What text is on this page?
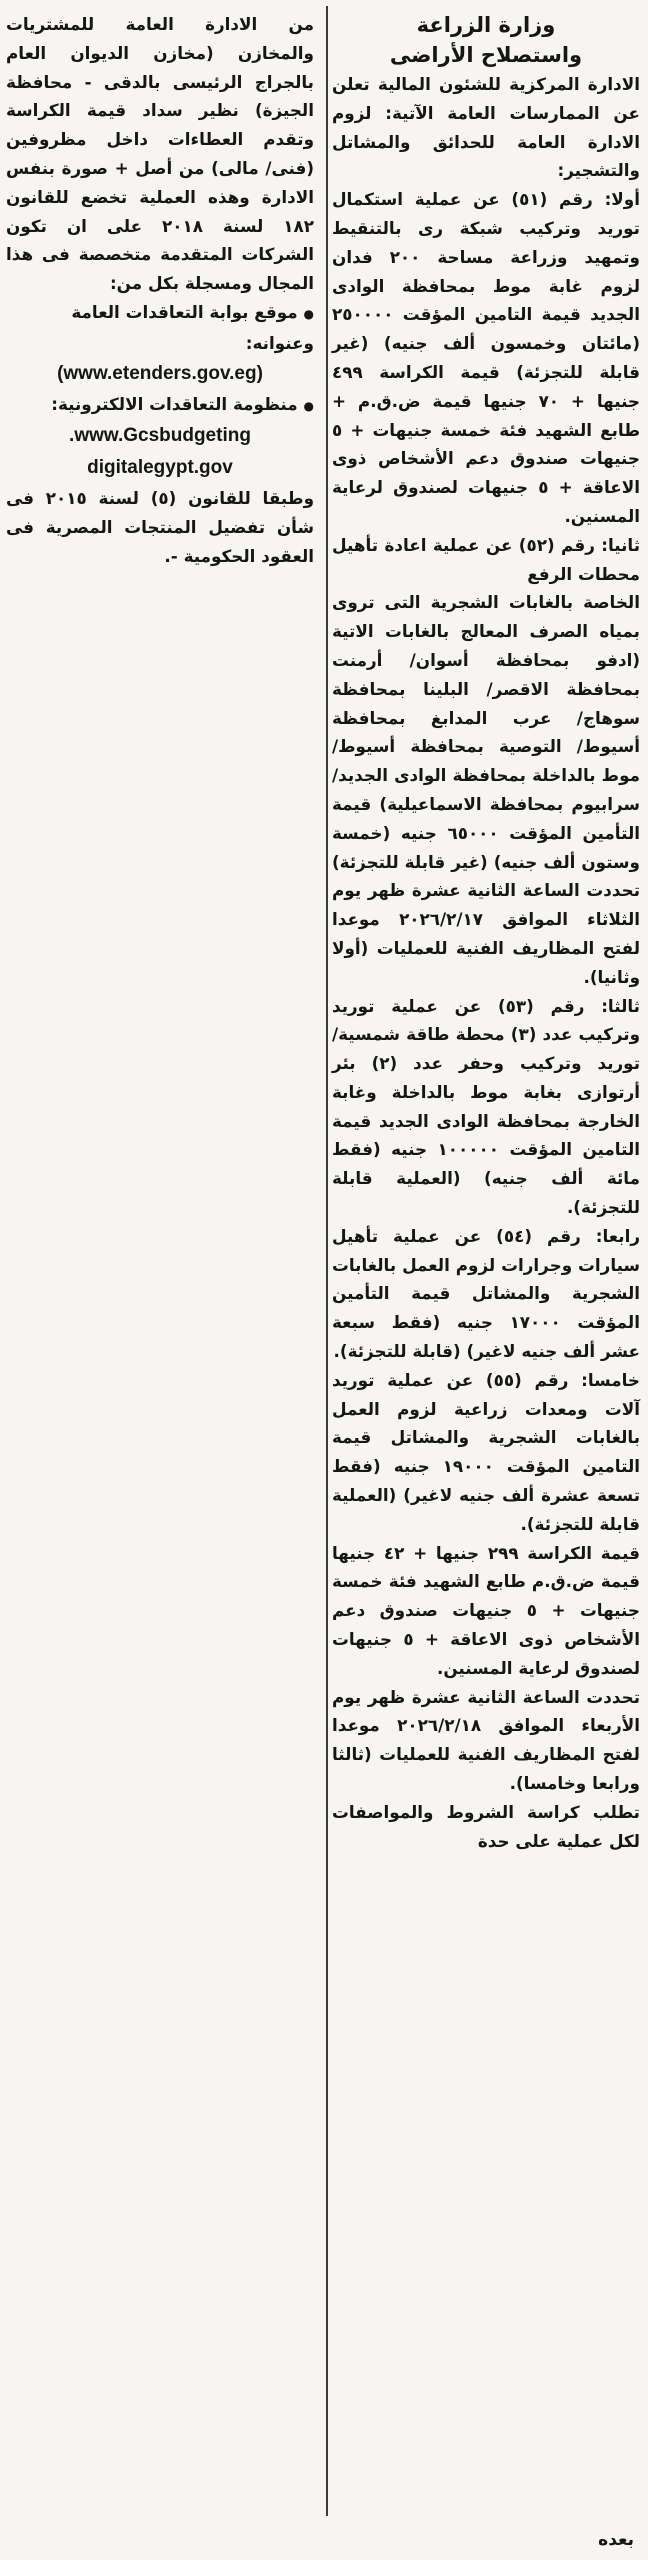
وزارة الزراعة
واستصلاح الأراضى

الادارة المركزية للشئون المالية تعلن عن الممارسات العامة الآتية: لزوم الادارة العامة للحدائق والمشاتل والتشجير:

أولا: رقم (٥١) عن عملية استكمال توريد وتركيب شبكة رى بالتنقيط وتمهيد وزراعة مساحة ٢٠٠ فدان لزوم غابة موط بمحافظة الوادى الجديد قيمة التامين المؤقت ٢٥٠٠٠٠ (مائتان وخمسون ألف جنيه) (غير قابلة للتجزئة) قيمة الكراسة ٤٩٩ جنيها + ٧٠ جنيها قيمة ض.ق.م + طابع الشهيد فئة خمسة جنيهات + ٥ جنيهات صندوق دعم الأشخاص ذوى الاعاقة + ٥ جنيهات لصندوق لرعاية المسنين.

ثانيا: رقم (٥٢) عن عملية اعادة تأهيل محطات الرفع

الخاصة بالغابات الشجرية التى تروى بمياه الصرف المعالج بالغابات الاتية (ادفو بمحافظة أسوان/ أرمنت بمحافظة الاقصر/ البلينا بمحافظة سوهاج/ عرب المدابغ بمحافظة أسيوط/ التوصية بمحافظة أسيوط/ موط بالداخلة بمحافظة الوادى الجديد/ سرابيوم بمحافظة الاسماعيلية) قيمة التأمين المؤقت ٦٥٠٠٠ جنيه (خمسة وستون ألف جنيه) (غير قابلة للتجزئة) تحددت الساعة الثانية عشرة ظهر يوم الثلاثاء الموافق ٢٠٢٦/٢/١٧ موعدا لفتح المظاريف الفنية للعمليات (أولا وثانيا).

ثالثا: رقم (٥٣) عن عملية توريد وتركيب عدد (٣) محطة طاقة شمسية/ توريد وتركيب وحفر عدد (٢) بئر أرتوازى بغابة موط بالداخلة وغابة الخارجة بمحافظة الوادى الجديد قيمة التامين المؤقت ١٠٠٠٠٠ جنيه (فقط مائة ألف جنيه) (العملية قابلة للتجزئة).

رابعا: رقم (٥٤) عن عملية تأهيل سيارات وجرارات لزوم العمل بالغابات الشجرية والمشاتل قيمة التأمين المؤقت ١٧٠٠٠ جنيه (فقط سبعة عشر ألف جنيه لاغير) (قابلة للتجزئة).

خامسا: رقم (٥٥) عن عملية توريد آلات ومعدات زراعية لزوم العمل بالغابات الشجرية والمشاتل قيمة التامين المؤقت ١٩٠٠٠ جنيه (فقط تسعة عشرة ألف جنيه لاغير) (العملية قابلة للتجزئة).

قيمة الكراسة ٢٩٩ جنيها + ٤٢ جنيها قيمة ض.ق.م طابع الشهيد فئة خمسة جنيهات + ٥ جنيهات صندوق دعم الأشخاص ذوى الاعاقة + ٥ جنيهات لصندوق لرعاية المسنين.

تحددت الساعة الثانية عشرة ظهر يوم الأربعاء الموافق ٢٠٢٦/٢/١٨ موعدا لفتح المظاريف الفنية للعمليات (ثالثا ورابعا وخامسا).

تطلب كراسة الشروط والمواصفات لكل عملية على حدة

من الادارة العامة للمشتريات والمخازن (مخازن الديوان العام بالجراج الرئيسى بالدقى - محافظة الجيزة) نظير سداد قيمة الكراسة وتقدم العطاءات داخل مظروفين (فنى/ مالى) من أصل + صورة بنفس الادارة وهذه العملية تخضع للقانون ١٨٢ لسنة ٢٠١٨ على ان تكون الشركات المتقدمة متخصصة فى هذا المجال ومسجلة بكل من:

● موقع بوابة التعاقدات العامة وعنوانه:

(www.etenders.gov.eg)

● منظومة التعاقدات الالكترونية:

www.Gcsbudgeting.

digitalegypt.gov

وطبقا للقانون (٥) لسنة ٢٠١٥ فى شأن تفضيل المنتجات المصرية فى العقود الحكومية -.

بعده
